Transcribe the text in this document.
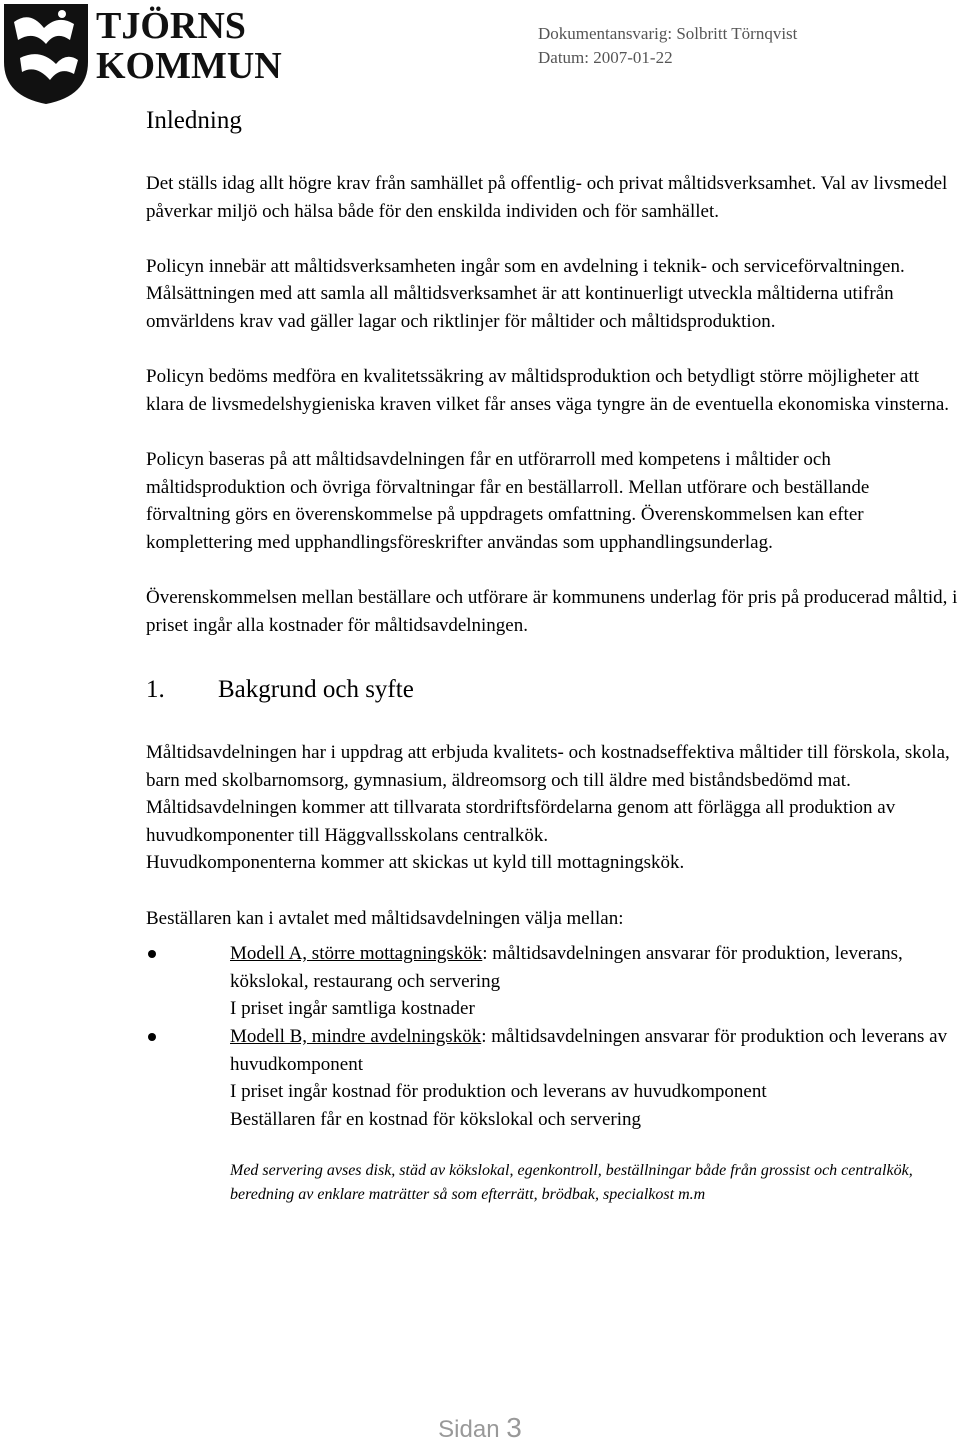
TJÖRNS
KOMMUN
Dokumentansvarig: Solbritt Törnqvist
Datum: 2007-01-22
Inledning

Det ställs idag allt högre krav från samhället på offentlig- och privat måltidsverksamhet. Val av livsmedel påverkar miljö och hälsa både för den enskilda individen och för samhället.

Policyn innebär att måltidsverksamheten ingår som en avdelning i teknik- och serviceförvaltningen. Målsättningen med att samla all måltidsverksamhet är att kontinuerligt utveckla måltiderna utifrån omvärldens krav vad gäller lagar och riktlinjer för måltider och måltidsproduktion.

Policyn bedöms medföra en kvalitetssäkring av måltidsproduktion och betydligt större möjligheter att klara de livsmedelshygieniska kraven vilket får anses väga tyngre än de eventuella ekonomiska vinsterna.

Policyn baseras på att måltidsavdelningen får en utförarroll med kompetens i måltider och måltidsproduktion och övriga förvaltningar får en beställarroll. Mellan utförare och beställande förvaltning görs en överenskommelse på uppdragets omfattning. Överenskommelsen kan efter komplettering med upphandlingsföreskrifter användas som upphandlingsunderlag.

Överenskommelsen mellan beställare och utförare är kommunens underlag för pris på producerad måltid, i priset ingår alla kostnader för måltidsavdelningen.

1.	Bakgrund och syfte

Måltidsavdelningen har i uppdrag att erbjuda kvalitets- och kostnadseffektiva måltider till förskola, skola, barn med skolbarnomsorg, gymnasium, äldreomsorg och till äldre med biståndsbedömd mat.

Måltidsavdelningen kommer att tillvarata stordriftsfördelarna genom att förlägga all produktion av huvudkomponenter till Häggvallsskolans centralkök.

Huvudkomponenterna kommer att skickas ut kyld till mottagningskök.

Beställaren kan i avtalet med måltidsavdelningen välja mellan:

Modell A, större mottagningskök: måltidsavdelningen ansvarar för produktion, leverans, kökslokal, restaurang och servering
I priset ingår samtliga kostnader
Modell B, mindre avdelningskök: måltidsavdelningen ansvarar för produktion och leverans av huvudkomponent
I priset ingår kostnad för produktion och leverans av huvudkomponent
Beställaren får en kostnad för kökslokal och servering

Med servering avses disk, städ av kökslokal, egenkontroll, beställningar både från grossist och centralkök, beredning av enklare maträtter så som efterrätt, brödbak, specialkost m.m

Sidan 3
